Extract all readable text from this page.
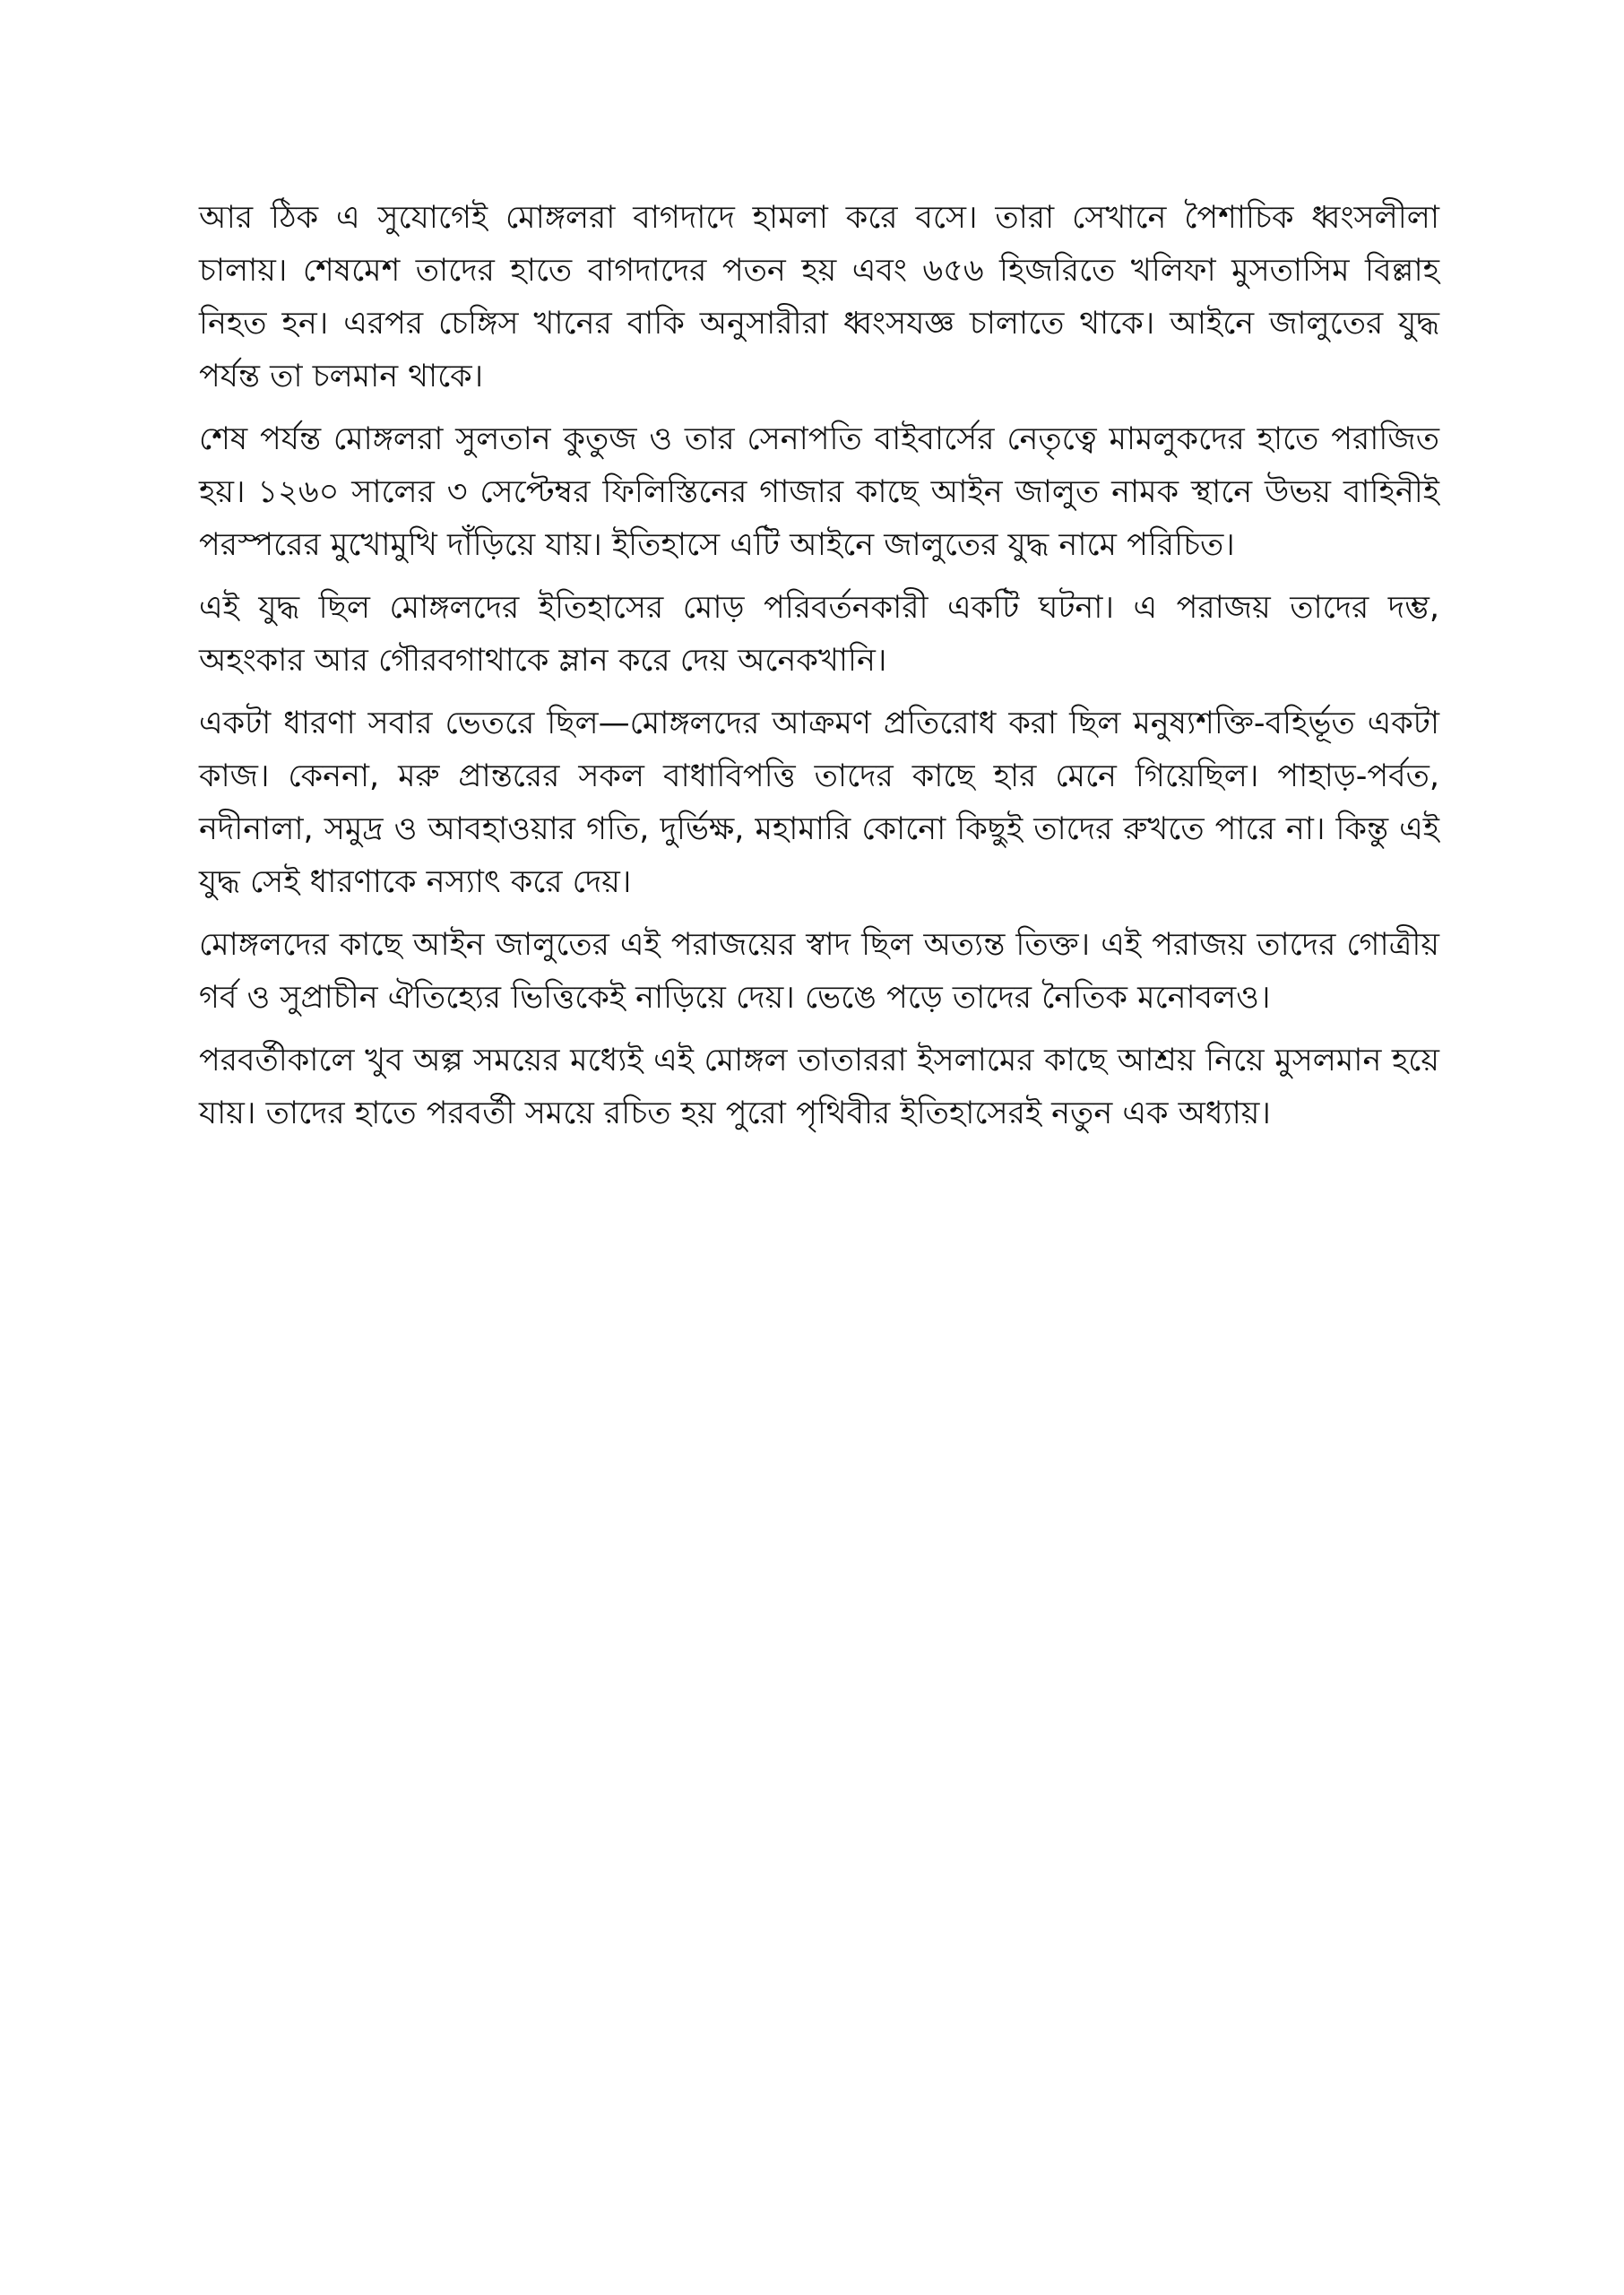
আর ঠিক এ সুযোগেই মোঙ্গলরা বাগদাদে হামলা করে বসে। তারা সেখানে পৈশাচিক ধ্বংসলীলা চালায়। শেষমেশ তাদের হাতে বাগদাদের পতন হয় এবং ৬৫৬ হিজরিতে খলিফা মুসতাসিম বিল্লাহ নিহত হন। এরপর চেঙ্গিস খানের বাকি অনুসারীরা ধ্বংসযজ্ঞ চালাতে থাকে। আইনে জালুতের যুদ্ধ পর্যন্ত তা চলমান থাকে।

শেষ পর্যন্ত মোঙ্গলরা সুলতান কুতুজ ও তার সেনাপতি বাইবার্সের নেতৃত্বে মামলুকদের হাতে পরাজিত হয়। ১২৬০ সালের ৩ সেপ্টেম্বর ফিলিস্তিনের গাজার কাছে আইন জালুত নামক স্থানে উভয় বাহিনীই পরস্পরের মুখোমুখি দাঁড়িয়ে যায়। ইতিহাসে এটি আইনে জালুতের যুদ্ধ নামে পরিচিত।

এই যুদ্ধ ছিল মোঙ্গলদের ইতিহাসের মোড় পরিবর্তনকারী একটি ঘটনা। এ পরাজয় তাদের দম্ভ, অহংকার আর গৌরবগাথাকে ম্লান করে দেয় অনেকখানি।

একটা ধারণা সবার ভেতরে ছিল—মোঙ্গলদের আক্রমণ প্রতিরোধ করা ছিল মনুষ্যশক্তি-বহির্ভূত একটা কাজ। কেননা, মরু প্রান্তরের সকল বাধাবিপত্তি তাদের কাছে হার মেনে গিয়েছিল। পাহাড়-পর্বত, নদীনালা, সমুদ্র ও আবহাওয়ার গতি, দুর্ভিক্ষ, মহামারি কোনো কিছুই তাদের রুখতে পারে না। কিন্তু এই যুদ্ধ সেই ধারণাকে নস্যাৎ করে দেয়।

মোঙ্গলদের কাছে আইন জালুতের এই পরাজয়ের স্বাদ ছিল অত্যন্ত তিক্ত। এই পরাজয় তাদের গোত্রীয় গর্ব ও সুপ্রাচীন ঐতিহ্যের ভিত্তিকেই নাড়িয়ে দেয়। ভেঙে পড়ে তাদের নৈতিক মনোবলও।

পরবর্তীকালে খুব অল্প সময়ের মধ্যেই এই মোঙ্গল তাতাররা ইসলামের কাছে আশ্রয় নিয়ে মুসলমান হয়ে যায়। তাদের হাতে পরবর্তী সময়ে রচিত হয় পুরো পৃথিবীর ইতিহাসেরই নতুন এক অধ্যায়।
